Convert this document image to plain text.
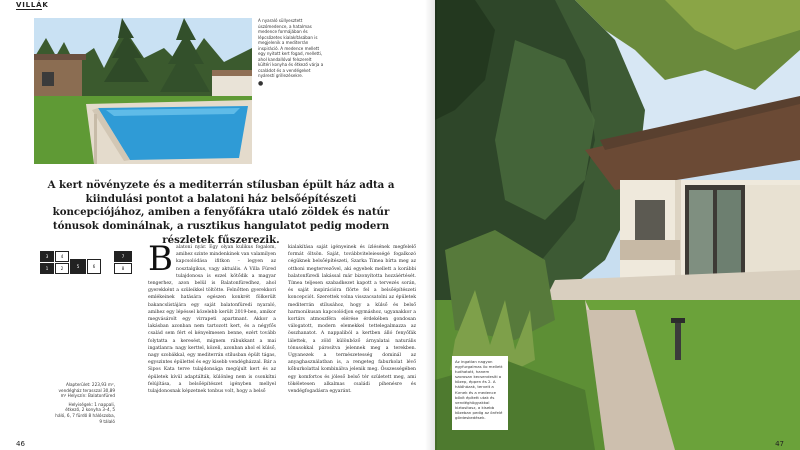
VILLÁK
A nyaraló süllyesztett úszómedence, a hatalmas medence formájában és lépcsőzetes kialakításában is megjelenik a mediterrán inspiráció. A medence mellett egy nyitott kert fogad, melletti, ahol kandallóval felszerelt kültéri konyha és étkező várja a családot és a vendégeket nyárestí grillezésekre.
●
A kert növényzete és a mediterrán stílusban épült ház adta a kiindulási pontot a balatoni ház belsőépítészeti koncepciójához, amiben a fenyőfákra utaló zöldek és natúr tónusok dominálnak, a rusztikus hangulatot pedig modern részletek fűszerezik.
3	4
1	2	5	6
7
8

Alapterület: 223,93 m², vendégház terasszal 30,89 m² Helyszín: Balatonfüred

Helyiségek: 1 nappali, étkező, 2 konyha 3–4, 5 háló, 6, 7 fürdő 8 hálószoba, 9 tálaló

B alatoni nyár. Egy olyan kulikus fogalom, amihez szinte mindenkinek van valamilyen kapcsolódása ifitkon – legyen az nosztalgikus, vagy aktuális. A Villa Füred tulajdonosa is ezzel kötődik a magyar tengerhez, azon belül is Balatonfüredhez, ahol gyerekként a szüleikkel töltötte. Felnőtten gyerekkori emlékeinek hatására egészen konkrét fölkerült bakancslistájára egy saját balatonfüredi nyaraló, amihez egy lépéssel közelebb került 2019-ben, amikor megvásárolt egy virrapeti apartmant. Akkor a lakásban azonban nem tartozott kert, és a négyfős család sem fért el kényelmesen benne, ezért tovább folytatta a keresést, mígnem rábukkant a mai ingatlanra: nagy kerttel, közeli, azonban ahol el külső, nagy szobákkal, egy mediterrán stílusban épült tágas, egyszintes épülettel és egy kisebb vendégházzal. Bár a Sipos Kata terve tulajdonsága megújult kert és az épületek kívül adaptálták, különleg nem is csonkítni felújítása, a belsőépítészet igényben mellyel tulajdonosnak képzetnek tonbus volt, hogy a belső
kialakítása saját igényeinek és ízlésének megfelelő formát öltsön. Saját, továbbviteleiességé fogalkozó cégüknek belsőépítészeti, Szarka Tímea bírta meg az otthoni megtervezővel, aki egyebek mellett a korábbi balatonfüredi lakással már bizonyította hozzáértését. Tímea teljesen szabadkezet kapott a tervezés során, és saját inspirációra flörte fel a belsőépítészeti koncepciót. Szerettek volna visszacsatolni az épületek mediterrán stílusához, hogy a külső és belső harmonikusan kapcsolódjon egymáshoz, ugyanakkor a kortárs atmoszféra elérése érdekében gondosan válogatott, modern elemekkel tettelegalmazza az összhanatot. A nappaliból a kertben álló fenyőfák lálettek, a zöld különböző árnyalatai naturális tónusokkal párosítva jelennek meg a terekben. Ugyanezek a természetesség dominál az anyaghasználatban is, a rengeteg faburkolat lévő kőburkolattal kombinálva jelenik meg. Összességében egy komfortos és jóleső belső tér született meg, ami tökéletesen alkalmas családi pihenésre és vendégfogadásra egyaránt.
46
Az ingatlan nagyon egyfurgalmas ilo mellett tudhatott, hanem szorosan kecsendesíti a közep, éppen és 2. A hálóházak, terveit a fúrnek és a medence bővít épített utak és vendéghögyakkal kiztositasz, a kisebb közeban pedig az önfelé gördeskedések.
47
